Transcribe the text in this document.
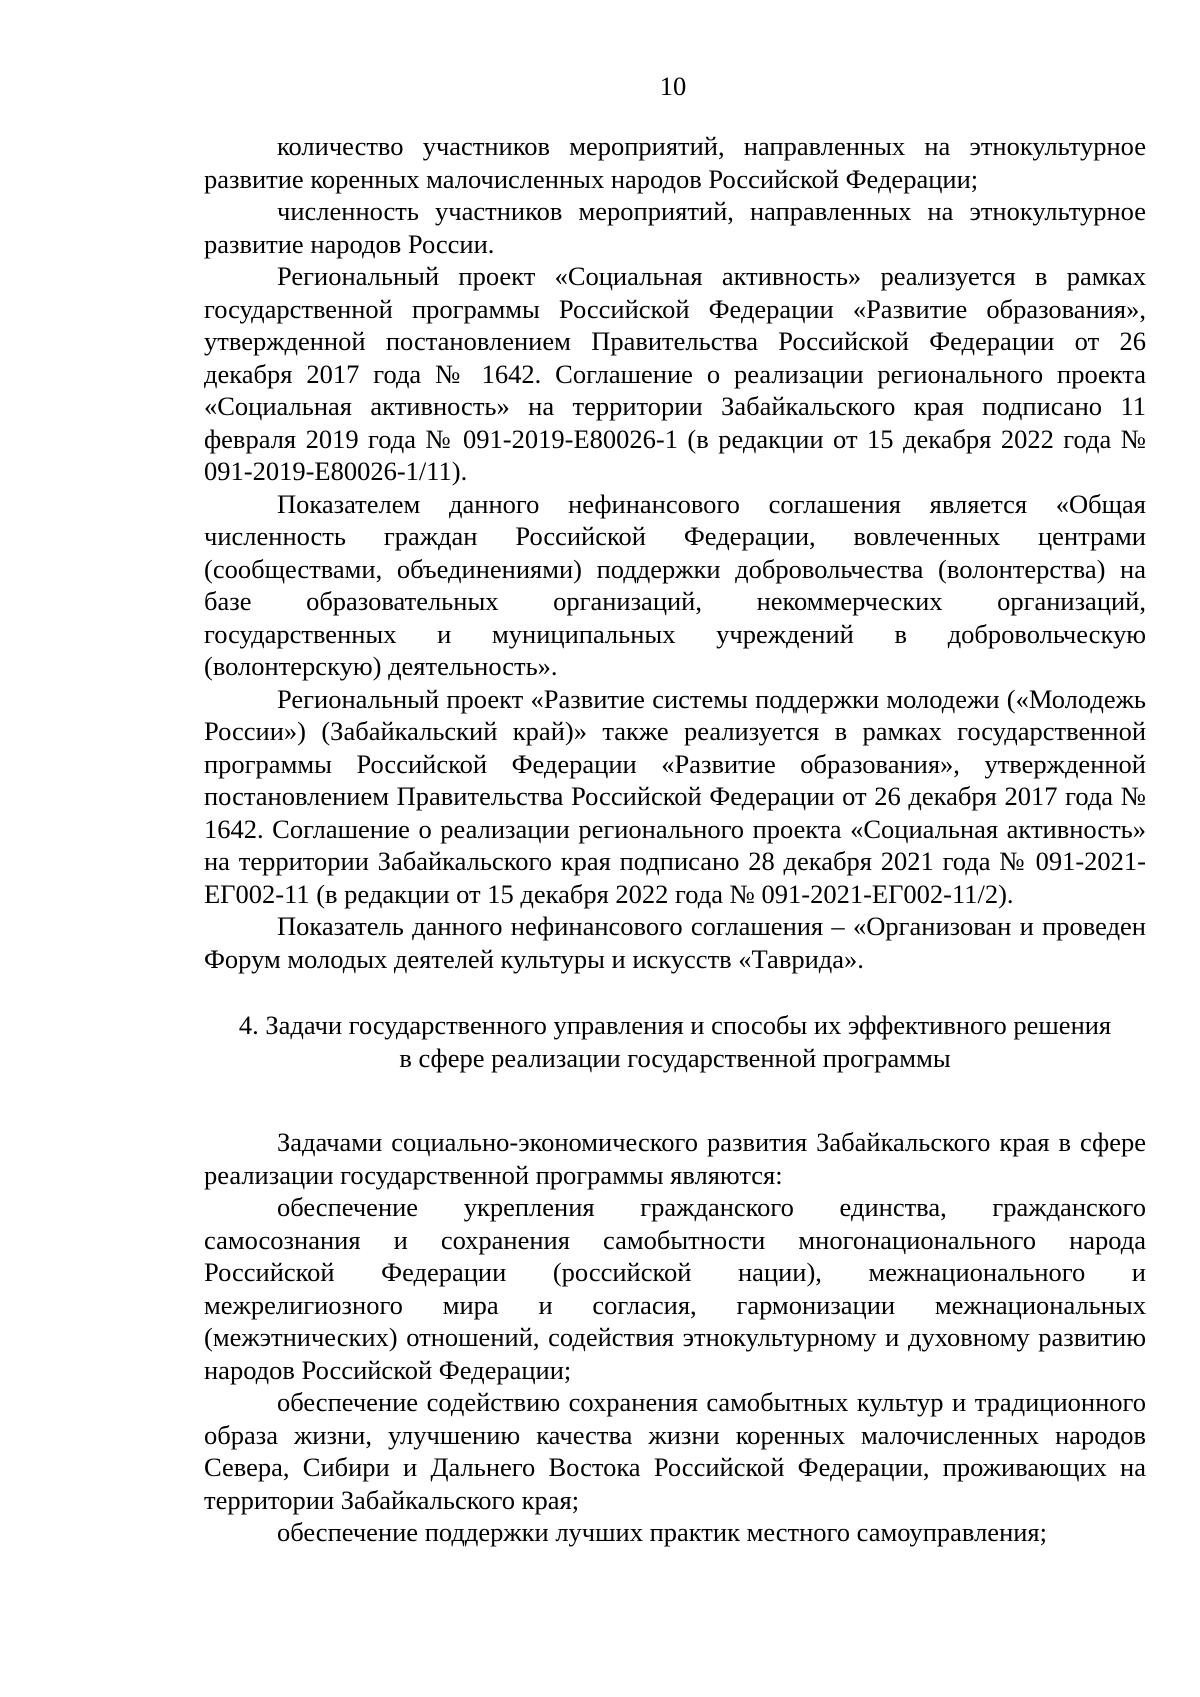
10

количество участников мероприятий, направленных на этнокультурное развитие коренных малочисленных народов Российской Федерации;

численность участников мероприятий, направленных на этнокультурное развитие народов России.

Региональный проект «Социальная активность» реализуется в рамках государственной программы Российской Федерации «Развитие образования», утвержденной постановлением Правительства Российской Федерации от 26 декабря 2017 года № 1642. Соглашение о реализации регионального проекта «Социальная активность» на территории Забайкальского края подписано 11 февраля 2019 года № 091-2019-Е80026-1 (в редакции от 15 декабря 2022 года № 091-2019-Е80026-1/11).

Показателем данного нефинансового соглашения является «Общая численность граждан Российской Федерации, вовлеченных центрами (сообществами, объединениями) поддержки добровольчества (волонтерства) на базе образовательных организаций, некоммерческих организаций, государственных и муниципальных учреждений в добровольческую (волонтерскую) деятельность».

Региональный проект «Развитие системы поддержки молодежи («Молодежь России») (Забайкальский край)» также реализуется в рамках государственной программы Российской Федерации «Развитие образования», утвержденной постановлением Правительства Российской Федерации от 26 декабря 2017 года № 1642. Соглашение о реализации регионального проекта «Социальная активность» на территории Забайкальского края подписано 28 декабря 2021 года № 091-2021-ЕГ002-11 (в редакции от 15 декабря 2022 года № 091-2021-ЕГ002-11/2).

Показатель данного нефинансового соглашения – «Организован и проведен Форум молодых деятелей культуры и искусств «Таврида».

4. Задачи государственного управления и способы их эффективного решения
в сфере реализации государственной программы

Задачами социально-экономического развития Забайкальского края в сфере реализации государственной программы являются:

обеспечение укрепления гражданского единства, гражданского самосознания и сохранения самобытности многонационального народа Российской Федерации (российской нации), межнационального и межрелигиозного мира и согласия, гармонизации межнациональных (межэтнических) отношений, содействия этнокультурному и духовному развитию народов Российской Федерации;

обеспечение содействию сохранения самобытных культур и традиционного образа жизни, улучшению качества жизни коренных малочисленных народов Севера, Сибири и Дальнего Востока Российской Федерации, проживающих на территории Забайкальского края;

обеспечение поддержки лучших практик местного самоуправления;
